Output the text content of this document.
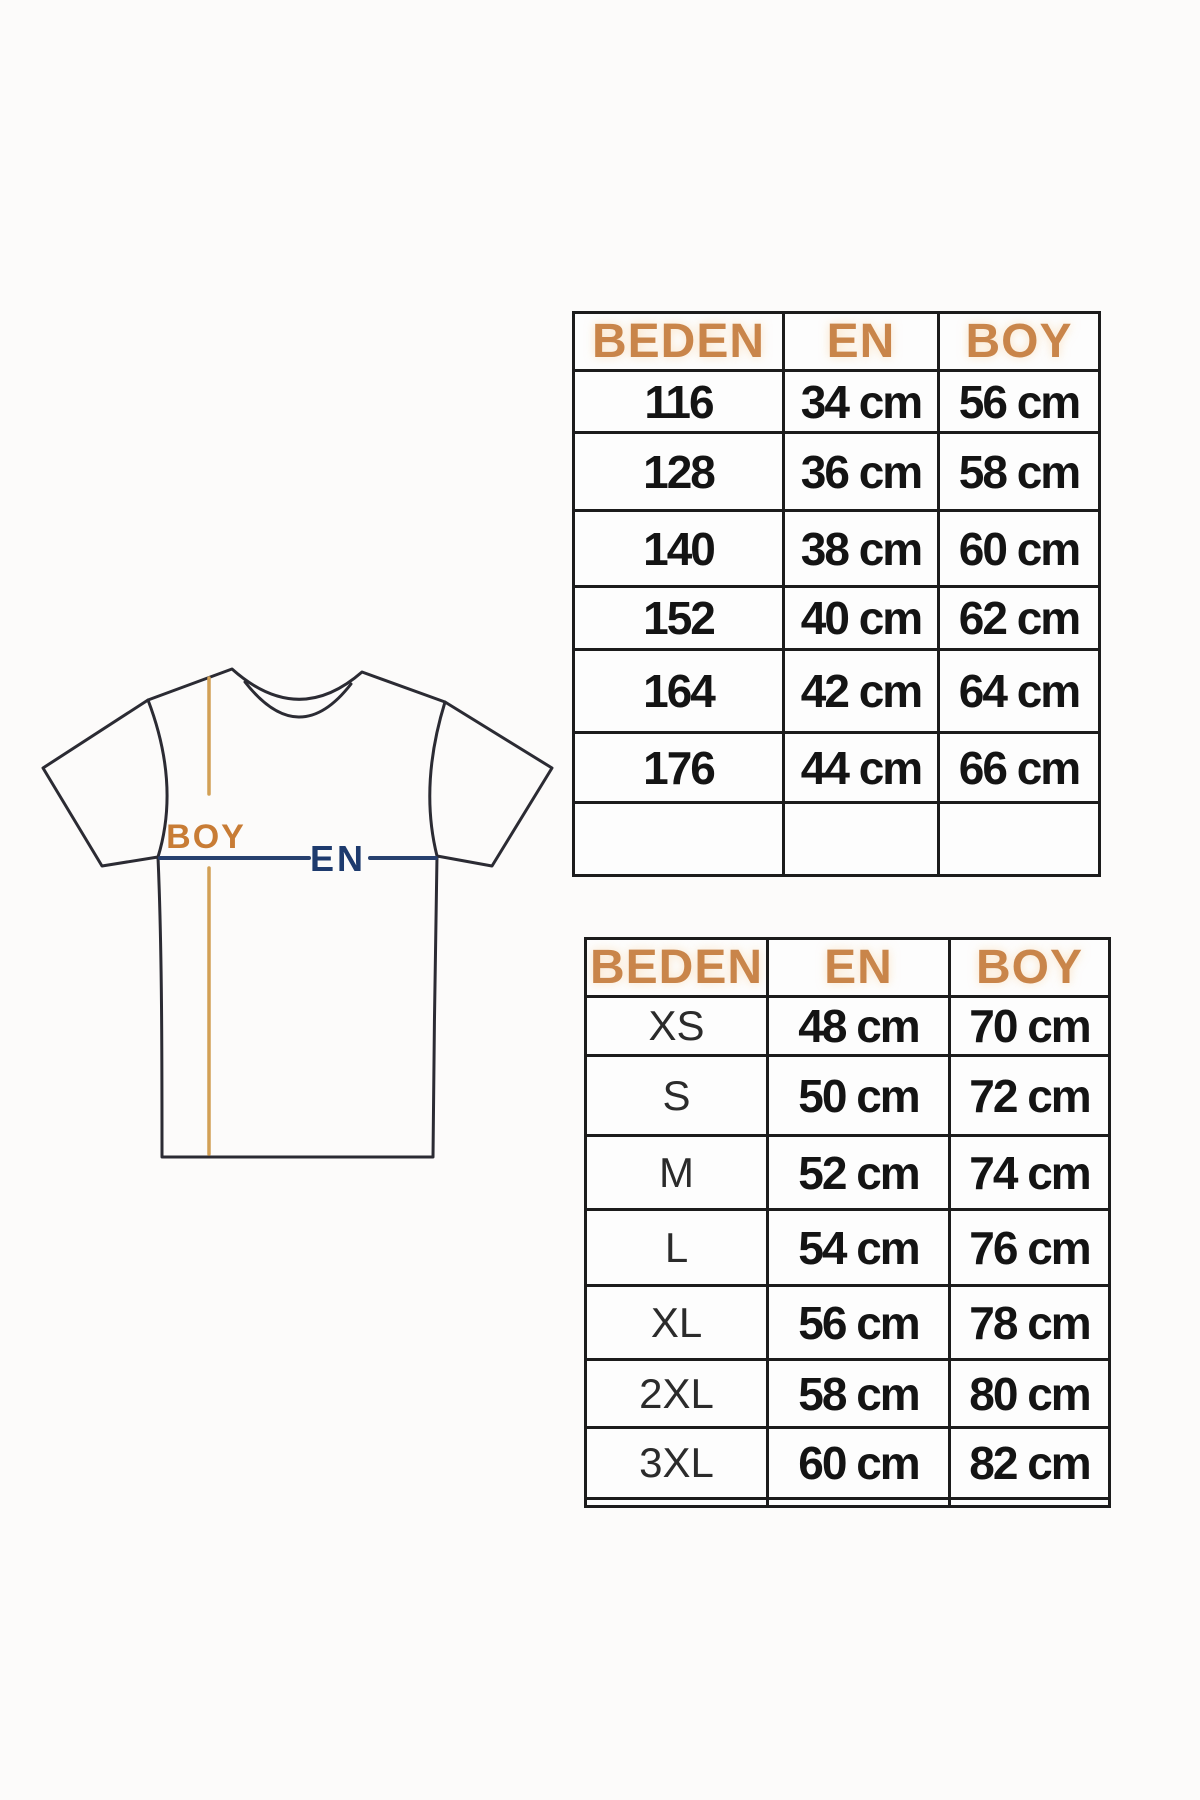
BOY
EN
BEDEN	EN	BOY
116	34 cm	56 cm
128	36 cm	58 cm
140	38 cm	60 cm
152	40 cm	62 cm
164	42 cm	64 cm
176	44 cm	66 cm

BEDEN	EN	BOY
XS	48 cm	70 cm
S	50 cm	72 cm
M	52 cm	74 cm
L	54 cm	76 cm
XL	56 cm	78 cm
2XL	58 cm	80 cm
3XL	60 cm	82 cm
